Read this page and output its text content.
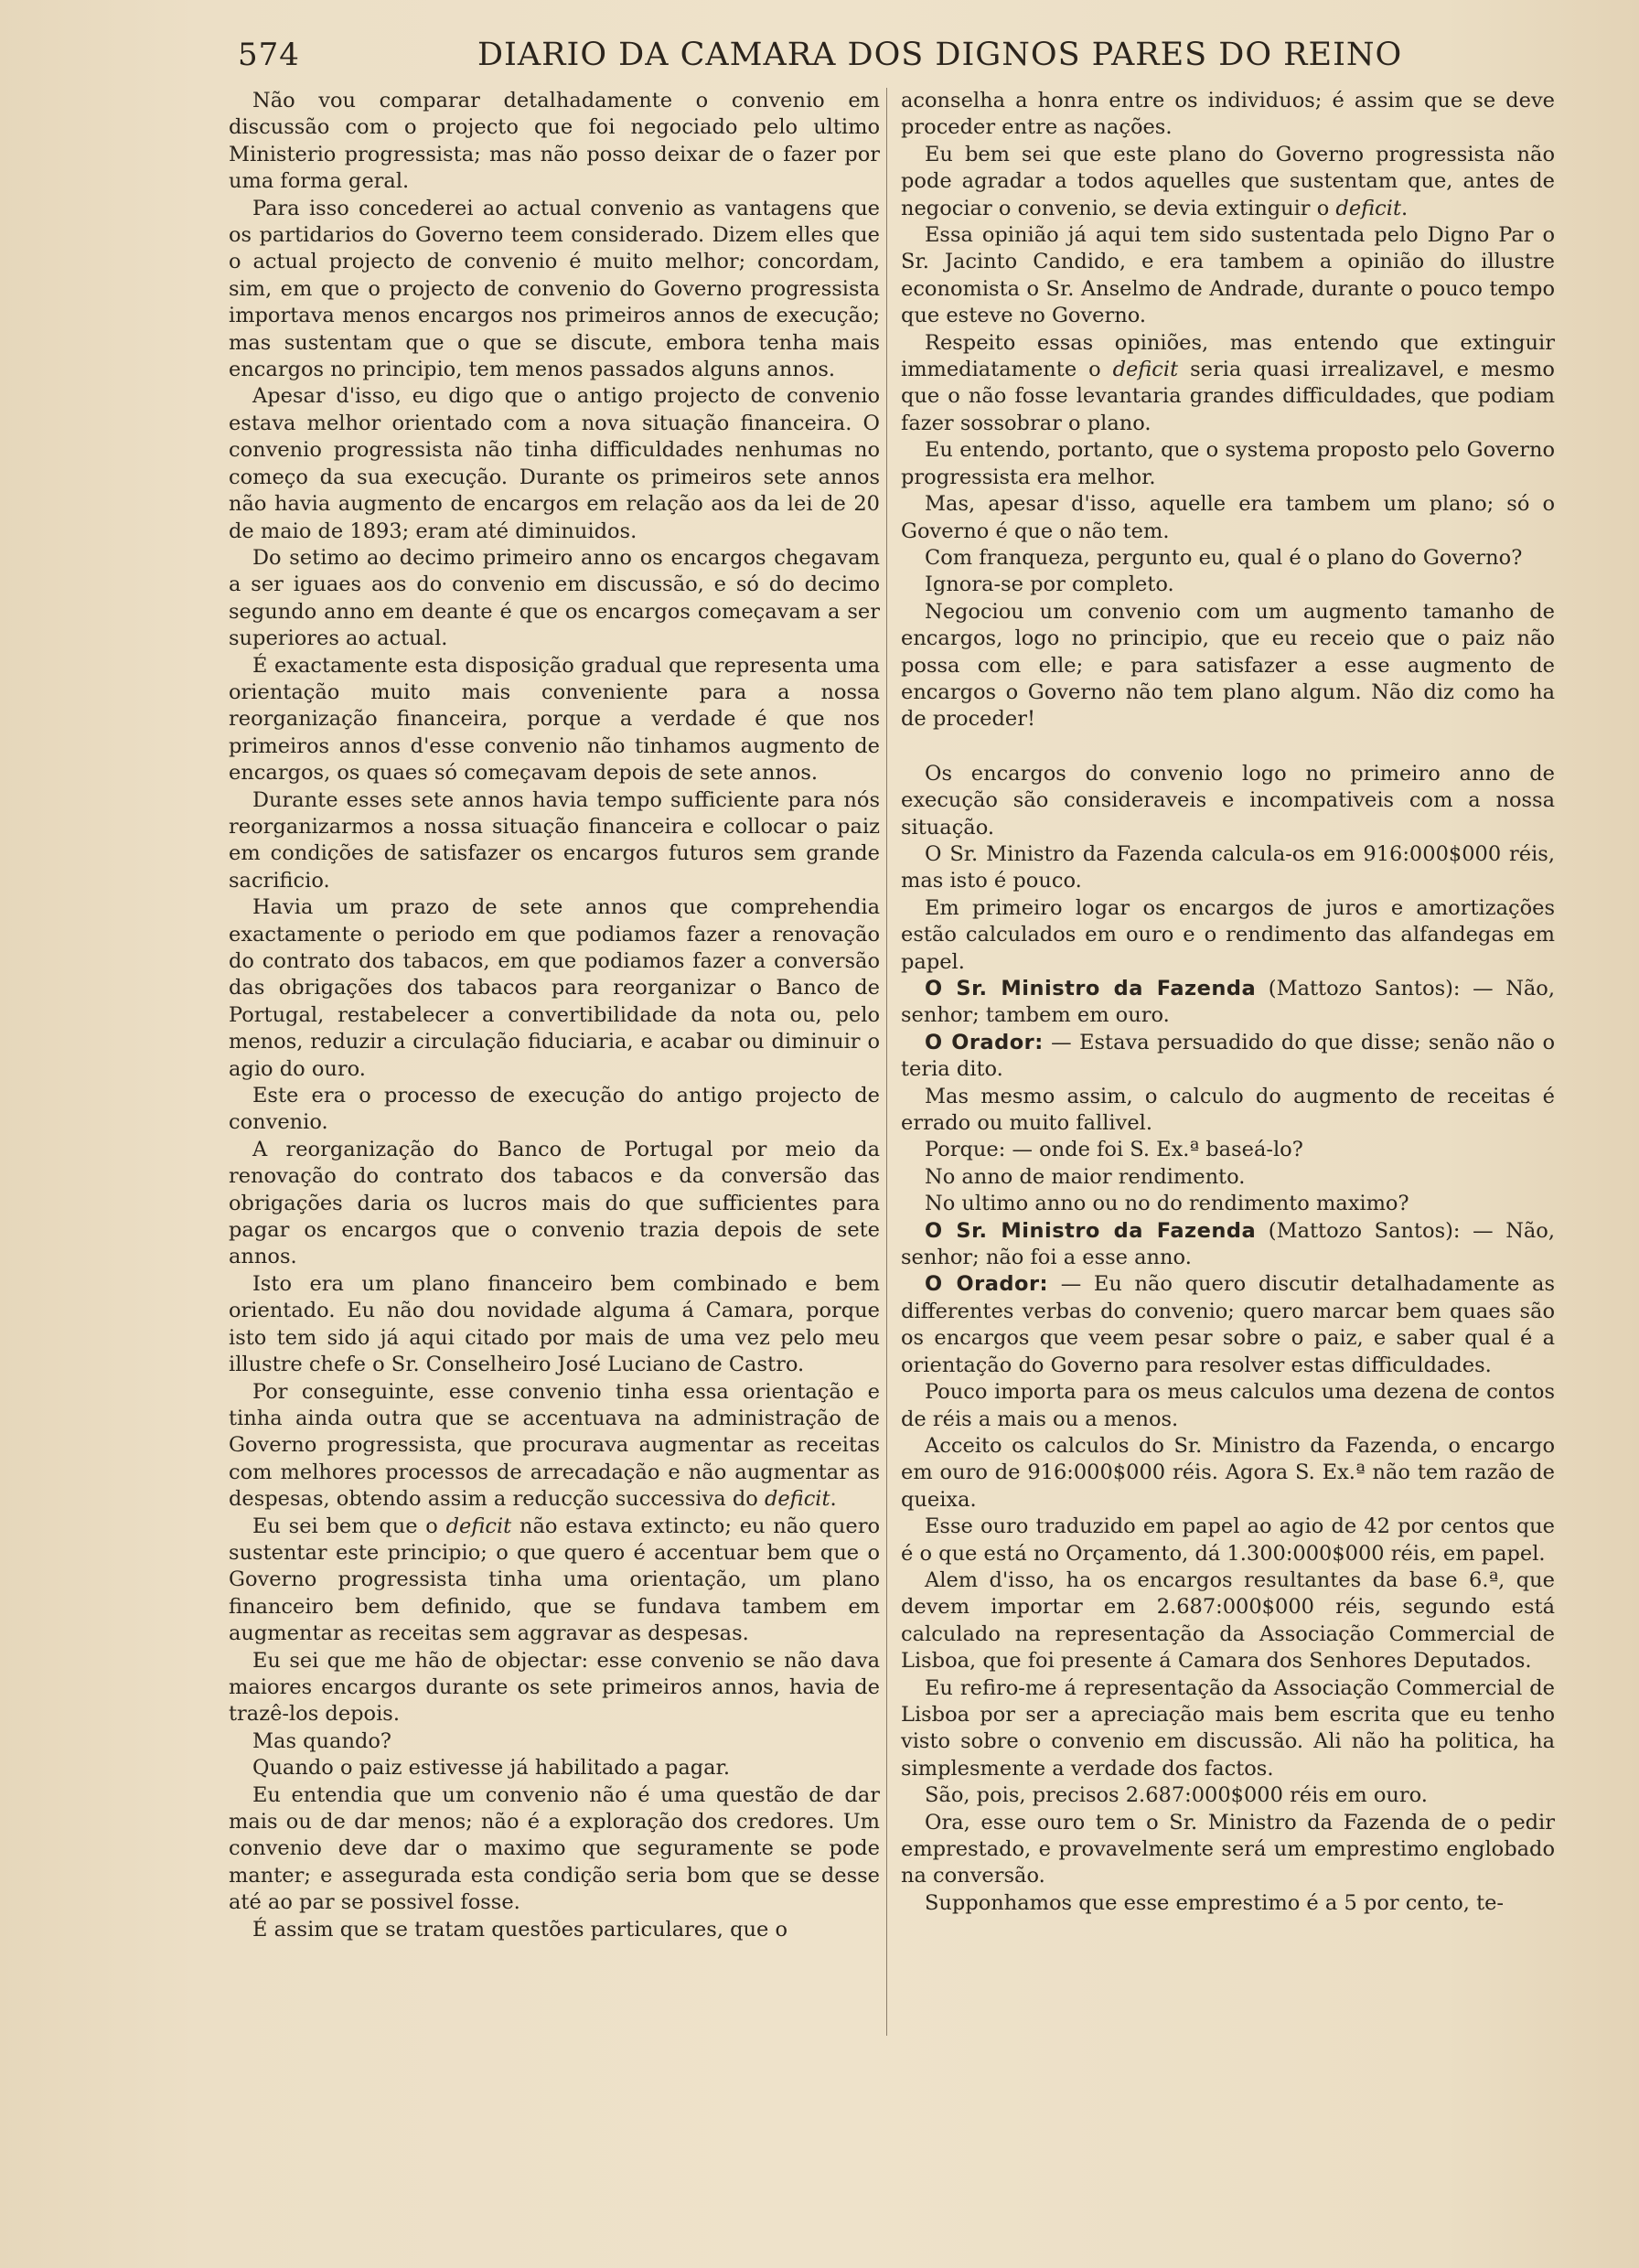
574	DIARIO DA CAMARA DOS DIGNOS PARES DO REINO

Não vou comparar detalhadamente o convenio em discussão com o projecto que foi negociado pelo ultimo Ministerio progressista; mas não posso deixar de o fazer por uma forma geral.

Para isso concederei ao actual convenio as vantagens que os partidarios do Governo teem considerado. Dizem elles que o actual projecto de convenio é muito melhor; concordam, sim, em que o projecto de convenio do Governo progressista importava menos encargos nos primeiros annos de execução; mas sustentam que o que se discute, embora tenha mais encargos no principio, tem menos passados alguns annos.

Apesar d'isso, eu digo que o antigo projecto de convenio estava melhor orientado com a nova situação financeira. O convenio progressista não tinha difficuldades nenhumas no começo da sua execução. Durante os primeiros sete annos não havia augmento de encargos em relação aos da lei de 20 de maio de 1893; eram até diminuidos.

Do setimo ao decimo primeiro anno os encargos chegavam a ser iguaes aos do convenio em discussão, e só do decimo segundo anno em deante é que os encargos começavam a ser superiores ao actual.

É exactamente esta disposição gradual que representa uma orientação muito mais conveniente para a nossa reorganização financeira, porque a verdade é que nos primeiros annos d'esse convenio não tinhamos augmento de encargos, os quaes só começavam depois de sete annos.

Durante esses sete annos havia tempo sufficiente para nós reorganizarmos a nossa situação financeira e collocar o paiz em condições de satisfazer os encargos futuros sem grande sacrificio.

Havia um prazo de sete annos que comprehendia exactamente o periodo em que podiamos fazer a renovação do contrato dos tabacos, em que podiamos fazer a conversão das obrigações dos tabacos para reorganizar o Banco de Portugal, restabelecer a convertibilidade da nota ou, pelo menos, reduzir a circulação fiduciaria, e acabar ou diminuir o agio do ouro.

Este era o processo de execução do antigo projecto de convenio.

A reorganização do Banco de Portugal por meio da renovação do contrato dos tabacos e da conversão das obrigações daria os lucros mais do que sufficientes para pagar os encargos que o convenio trazia depois de sete annos.

Isto era um plano financeiro bem combinado e bem orientado. Eu não dou novidade alguma á Camara, porque isto tem sido já aqui citado por mais de uma vez pelo meu illustre chefe o Sr. Conselheiro José Luciano de Castro.

Por conseguinte, esse convenio tinha essa orientação e tinha ainda outra que se accentuava na administração de Governo progressista, que procurava augmentar as receitas com melhores processos de arrecadação e não augmentar as despesas, obtendo assim a reducção successiva do deficit.

Eu sei bem que o deficit não estava extincto; eu não quero sustentar este principio; o que quero é accentuar bem que o Governo progressista tinha uma orientação, um plano financeiro bem definido, que se fundava tambem em augmentar as receitas sem aggravar as despesas.

Eu sei que me hão de objectar: esse convenio se não dava maiores encargos durante os sete primeiros annos, havia de trazê-los depois.

Mas quando?

Quando o paiz estivesse já habilitado a pagar.

Eu entendia que um convenio não é uma questão de dar mais ou de dar menos; não é a exploração dos credores. Um convenio deve dar o maximo que seguramente se pode manter; e assegurada esta condição seria bom que se desse até ao par se possivel fosse.

É assim que se tratam questões particulares, que o

aconselha a honra entre os individuos; é assim que se deve proceder entre as nações.

Eu bem sei que este plano do Governo progressista não pode agradar a todos aquelles que sustentam que, antes de negociar o convenio, se devia extinguir o deficit.

Essa opinião já aqui tem sido sustentada pelo Digno Par o Sr. Jacinto Candido, e era tambem a opinião do illustre economista o Sr. Anselmo de Andrade, durante o pouco tempo que esteve no Governo.

Respeito essas opiniões, mas entendo que extinguir immediatamente o deficit seria quasi irrealizavel, e mesmo que o não fosse levantaria grandes difficuldades, que podiam fazer sossobrar o plano.

Eu entendo, portanto, que o systema proposto pelo Governo progressista era melhor.

Mas, apesar d'isso, aquelle era tambem um plano; só o Governo é que o não tem.

Com franqueza, pergunto eu, qual é o plano do Governo?

Ignora-se por completo.

Negociou um convenio com um augmento tamanho de encargos, logo no principio, que eu receio que o paiz não possa com elle; e para satisfazer a esse augmento de encargos o Governo não tem plano algum. Não diz como ha de proceder!

Os encargos do convenio logo no primeiro anno de execução são consideraveis e incompativeis com a nossa situação.

O Sr. Ministro da Fazenda calcula-os em 916:000$000 réis, mas isto é pouco.

Em primeiro logar os encargos de juros e amortizações estão calculados em ouro e o rendimento das alfandegas em papel.

O Sr. Ministro da Fazenda (Mattozo Santos): — Não, senhor; tambem em ouro.

O Orador: — Estava persuadido do que disse; senão não o teria dito.

Mas mesmo assim, o calculo do augmento de receitas é errado ou muito fallivel.

Porque: — onde foi S. Ex.ª baseá-lo?

No anno de maior rendimento.

No ultimo anno ou no do rendimento maximo?

O Sr. Ministro da Fazenda (Mattozo Santos): — Não, senhor; não foi a esse anno.

O Orador: — Eu não quero discutir detalhadamente as differentes verbas do convenio; quero marcar bem quaes são os encargos que veem pesar sobre o paiz, e saber qual é a orientação do Governo para resolver estas difficuldades.

Pouco importa para os meus calculos uma dezena de contos de réis a mais ou a menos.

Acceito os calculos do Sr. Ministro da Fazenda, o encargo em ouro de 916:000$000 réis. Agora S. Ex.ª não tem razão de queixa.

Esse ouro traduzido em papel ao agio de 42 por centos que é o que está no Orçamento, dá 1.300:000$000 réis, em papel.

Alem d'isso, ha os encargos resultantes da base 6.ª, que devem importar em 2.687:000$000 réis, segundo está calculado na representação da Associação Commercial de Lisboa, que foi presente á Camara dos Senhores Deputados.

Eu refiro-me á representação da Associação Commercial de Lisboa por ser a apreciação mais bem escrita que eu tenho visto sobre o convenio em discussão. Ali não ha politica, ha simplesmente a verdade dos factos.

São, pois, precisos 2.687:000$000 réis em ouro.

Ora, esse ouro tem o Sr. Ministro da Fazenda de o pedir emprestado, e provavelmente será um emprestimo englobado na conversão.

Supponhamos que esse emprestimo é a 5 por cento, te-
